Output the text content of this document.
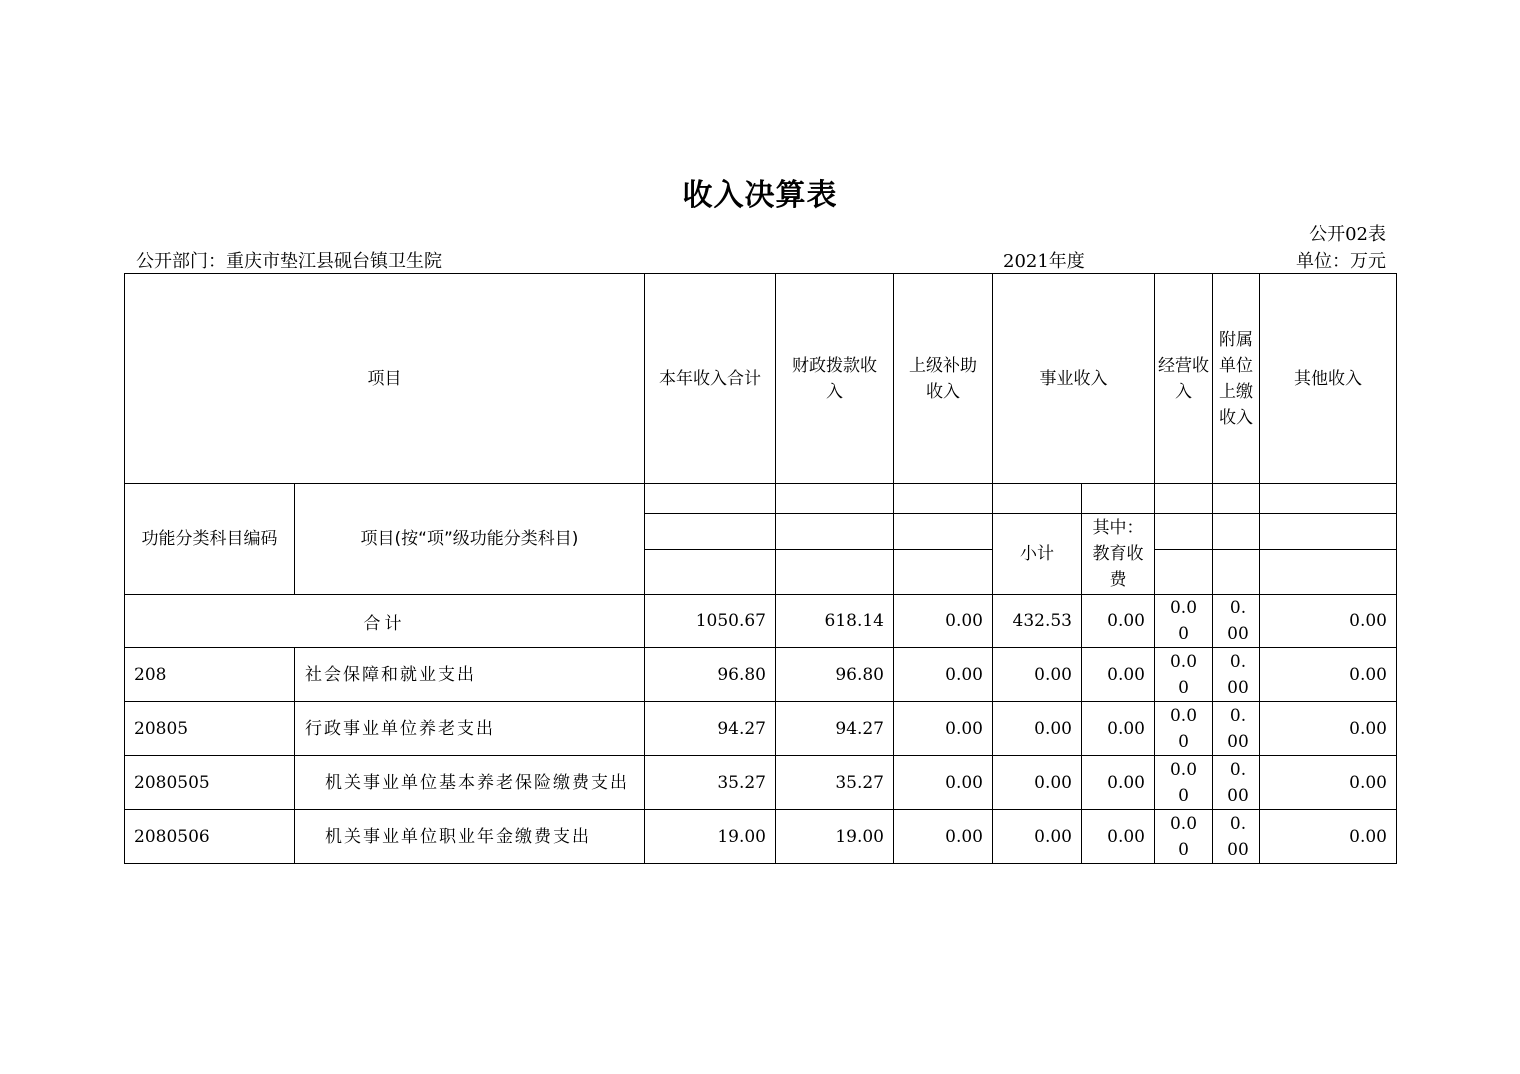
收入决算表
公开02表
公开部门：重庆市垫江县砚台镇卫生院	2021年度	单位：万元
项目		本年收入合计	财政拨款收入	上级补助收入	事业收入		经营收入	附属单位上缴收入	其他收入
功能分类科目编码	项目(按“项”级功能分类科目)								
					小计	其中：教育收费			

合计		1050.67	618.14	0.00	432.53	0.00	0.00	0.00	0.00
208	社会保障和就业支出	96.80	96.80	0.00	0.00	0.00	0.00	0.00	0.00
20805	行政事业单位养老支出	94.27	94.27	0.00	0.00	0.00	0.00	0.00	0.00
2080505	机关事业单位基本养老保险缴费支出	35.27	35.27	0.00	0.00	0.00	0.00	0.00	0.00
2080506	机关事业单位职业年金缴费支出	19.00	19.00	0.00	0.00	0.00	0.00	0.00	0.00
